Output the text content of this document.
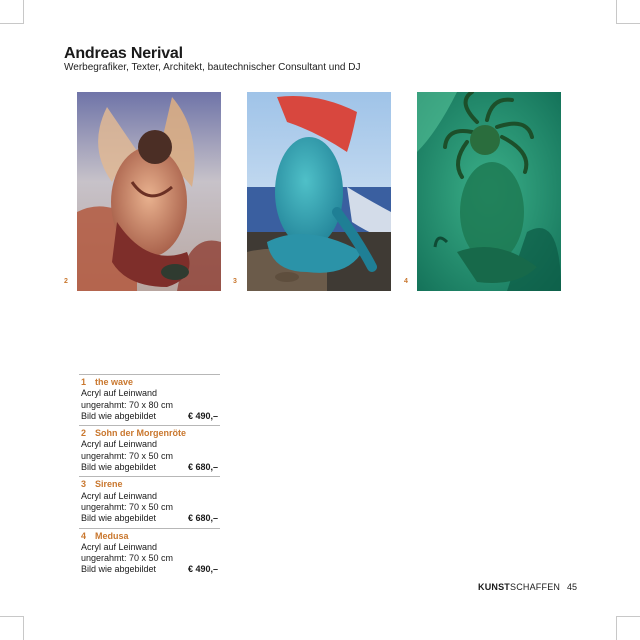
Andreas Nerival
Werbegrafiker, Texter, Architekt, bautechnischer Consultant und DJ
2	3	4
1 the wave
Acryl auf Leinwand
ungerahmt: 70 x 80 cm
Bild wie abgebildet	€ 490,–
2 Sohn der Morgenröte
Acryl auf Leinwand
ungerahmt: 70 x 50 cm
Bild wie abgebildet	€ 680,–
3 Sirene
Acryl auf Leinwand
ungerahmt: 70 x 50 cm
Bild wie abgebildet	€ 680,–
4 Medusa
Acryl auf Leinwand
ungerahmt: 70 x 50 cm
Bild wie abgebildet	€ 490,–
KUNSTSCHAFFEN 45
